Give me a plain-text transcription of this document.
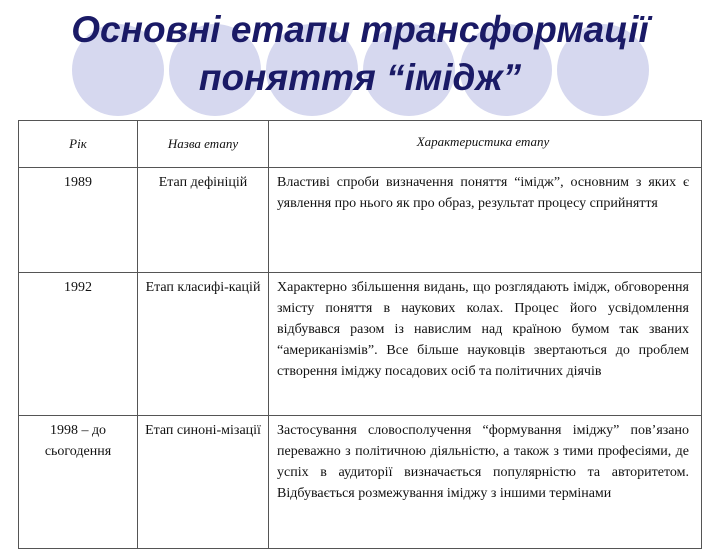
Основні етапи трансформації
поняття “імідж”
Рік	Назва етапу	Характеристика етапу
1989	Етап дефініцій	Властиві спроби визначення поняття “імідж”, основним з яких є уявлення про нього як про образ, результат процесу сприйняття
1992	Етап класифі-кацій	Характерно збільшення видань, що розглядають імідж, обговорення змісту поняття в наукових колах. Процес його усвідомлення відбувався разом із навислим над країною бумом так званих “американізмів”. Все більше науковців звертаються до проблем створення іміджу посадових осіб та політичних діячів
1998 – до сьогодення	Етап синоні-мізації	Застосування словосполучення “формування іміджу” пов’язано переважно з політичною діяльністю, а також з тими професіями, де успіх в аудиторії визначається популярністю та авторитетом. Відбувається розмежування іміджу з іншими термінами
